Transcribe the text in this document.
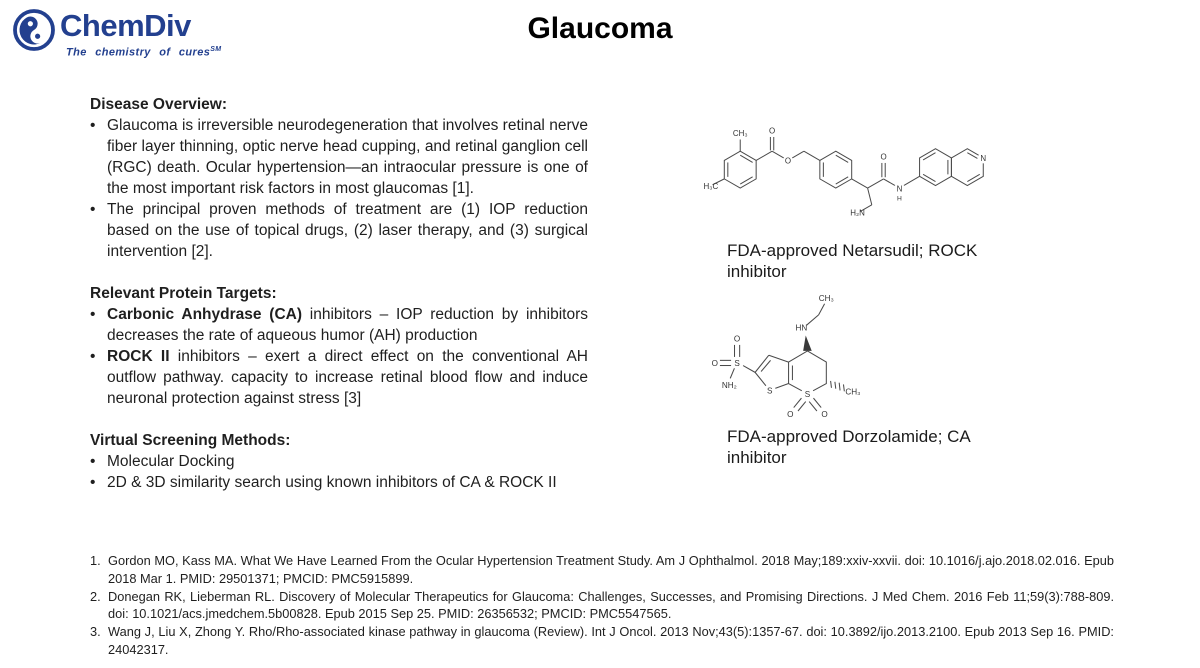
ChemDiv
The chemistry of cures℠
Glaucoma
Disease Overview:
• Glaucoma is irreversible neurodegeneration that involves retinal nerve fiber layer thinning, optic nerve head cupping, and retinal ganglion cell (RGC) death. Ocular hypertension—an intraocular pressure is one of the most important risk factors in most glaucomas [1].
• The principal proven methods of treatment are (1) IOP reduction based on the use of topical drugs, (2) laser therapy, and (3) surgical intervention [2].
Relevant Protein Targets:
• Carbonic Anhydrase (CA) inhibitors – IOP reduction by inhibitors decreases the rate of aqueous humor (AH) production
• ROCK II inhibitors – exert a direct effect on the conventional AH outflow pathway. capacity to increase retinal blood flow and induce neuronal protection against stress [3]
Virtual Screening Methods:
• Molecular Docking
• 2D & 3D similarity search using known inhibitors of CA & ROCK II
CH₃
H₃C
O
O	O
N
H
H₂N
N
FDA-approved Netarsudil; ROCK inhibitor
CH₃
HN
O
O S
NH₂
S	S
O	O
CH₃
FDA-approved Dorzolamide; CA inhibitor
1. Gordon MO, Kass MA. What We Have Learned From the Ocular Hypertension Treatment Study. Am J Ophthalmol. 2018 May;189:xxiv-xxvii. doi: 10.1016/j.ajo.2018.02.016. Epub 2018 Mar 1. PMID: 29501371; PMCID: PMC5915899.
2. Donegan RK, Lieberman RL. Discovery of Molecular Therapeutics for Glaucoma: Challenges, Successes, and Promising Directions. J Med Chem. 2016 Feb 11;59(3):788-809. doi: 10.1021/acs.jmedchem.5b00828. Epub 2015 Sep 25. PMID: 26356532; PMCID: PMC5547565.
3. Wang J, Liu X, Zhong Y. Rho/Rho-associated kinase pathway in glaucoma (Review). Int J Oncol. 2013 Nov;43(5):1357-67. doi: 10.3892/ijo.2013.2100. Epub 2013 Sep 16. PMID: 24042317.
